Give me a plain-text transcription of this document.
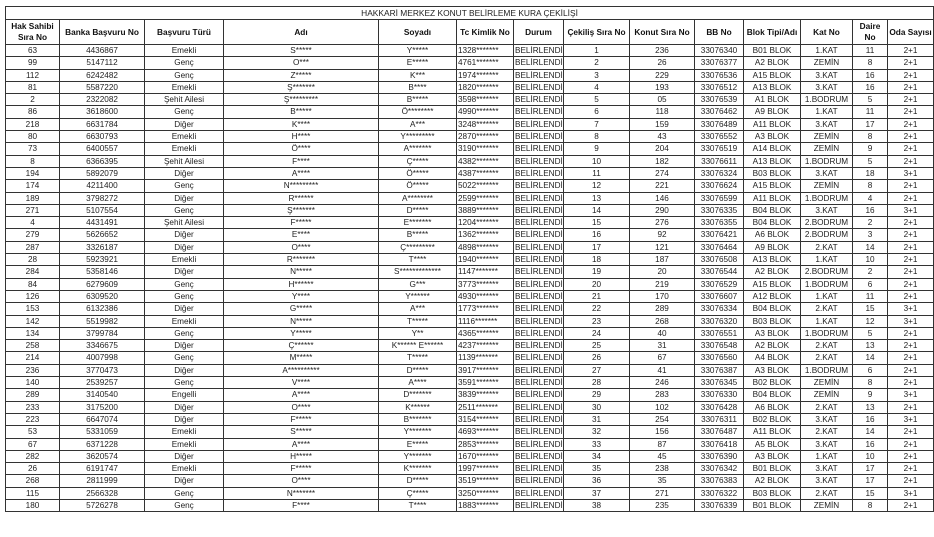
HAKKARİ MERKEZ KONUT BELİRLEME KURA ÇEKİLİŞİ													
Hak Sahibi Sıra No	Banka Başvuru No	Başvuru Türü	Adı	Soyadı	Tc Kimlik No	Durum	Çekiliş Sıra No	Konut Sıra No	BB No	Blok Tipi/Adı	Kat No	Daire No	Oda Sayısı
63	4436867	Emekli	S*****	Y*****	1328*******	BELİRLENDİ	1	236	33076340	B01 BLOK	1.KAT	11	2+1
99	5147112	Genç	O***	E*****	4761*******	BELİRLENDİ	2	26	33076377	A2 BLOK	ZEMİN	8	2+1
112	6242482	Genç	Z*****	K***	1974*******	BELİRLENDİ	3	229	33076536	A15 BLOK	3.KAT	16	2+1
81	5587220	Emekli	Ş*******	B****	1820*******	BELİRLENDİ	4	193	33076512	A13 BLOK	3.KAT	16	2+1
2	2322082	Şehit Ailesi	Ş*********	B*****	3598*******	BELİRLENDİ	5	05	33076539	A1 BLOK	1.BODRUM	5	2+1
86	3618600	Genç	B*****	Ö********	4990*******	BELİRLENDİ	6	118	33076462	A9 BLOK	1.KAT	11	2+1
218	6631784	Diğer	K****	A***	3248*******	BELİRLENDİ	7	159	33076489	A11 BLOK	3.KAT	17	2+1
80	6630793	Emekli	H****	Y*********	2870*******	BELİRLENDİ	8	43	33076552	A3 BLOK	ZEMİN	8	2+1
73	6400557	Emekli	Ö****	A*******	3190*******	BELİRLENDİ	9	204	33076519	A14 BLOK	ZEMİN	9	2+1
8	6366395	Şehit Ailesi	F****	Ç*****	4382*******	BELİRLENDİ	10	182	33076611	A13 BLOK	1.BODRUM	5	2+1
194	5892079	Diğer	A****	Ö*****	4387*******	BELİRLENDİ	11	274	33076324	B03 BLOK	3.KAT	18	3+1
174	4211400	Genç	N*********	Ö*****	5022*******	BELİRLENDİ	12	221	33076624	A15 BLOK	ZEMİN	8	2+1
189	3798272	Diğer	R******	A********	2599*******	BELİRLENDİ	13	146	33076599	A11 BLOK	1.BODRUM	4	2+1
271	5107554	Genç	Ş*******	D*****	3889*******	BELİRLENDİ	14	290	33076335	B04 BLOK	3.KAT	16	3+1
4	4431491	Şehit Ailesi	F*****	E*******	1204*******	BELİRLENDİ	15	276	33076355	B04 BLOK	2.BODRUM	2	2+1
279	5626652	Diğer	E****	B*****	1362*******	BELİRLENDİ	16	92	33076421	A6 BLOK	2.BODRUM	3	2+1
287	3326187	Diğer	O****	Ç*********	4898*******	BELİRLENDİ	17	121	33076464	A9 BLOK	2.KAT	14	2+1
28	5923921	Emekli	R*******	T****	1940*******	BELİRLENDİ	18	187	33076508	A13 BLOK	1.KAT	10	2+1
284	5358146	Diğer	N*****	S*************	1147*******	BELİRLENDİ	19	20	33076544	A2 BLOK	2.BODRUM	2	2+1
84	6279609	Genç	H******	G***	3773*******	BELİRLENDİ	20	219	33076529	A15 BLOK	1.BODRUM	6	2+1
126	6309520	Genç	Y****	Y******	4930*******	BELİRLENDİ	21	170	33076607	A12 BLOK	1.KAT	11	2+1
153	6132386	Diğer	G*****	A***	1773*******	BELİRLENDİ	22	289	33076334	B04 BLOK	2.KAT	15	3+1
142	5519982	Emekli	N*****	T*****	1116*******	BELİRLENDİ	23	268	33076320	B03 BLOK	1.KAT	12	3+1
134	3799784	Genç	Y*****	Y**	4365*******	BELİRLENDİ	24	40	33076551	A3 BLOK	1.BODRUM	5	2+1
258	3346675	Diğer	Ç******	K****** E******	4237*******	BELİRLENDİ	25	31	33076548	A2 BLOK	2.KAT	13	2+1
214	4007998	Genç	M*****	T*****	1139*******	BELİRLENDİ	26	67	33076560	A4 BLOK	2.KAT	14	2+1
236	3770473	Diğer	A**********	D*****	3917*******	BELİRLENDİ	27	41	33076387	A3 BLOK	1.BODRUM	6	2+1
140	2539257	Genç	V****	A****	3591*******	BELİRLENDİ	28	246	33076345	B02 BLOK	ZEMİN	8	2+1
289	3140540	Engelli	A****	D*******	3839*******	BELİRLENDİ	29	283	33076330	B04 BLOK	ZEMİN	9	3+1
233	3175200	Diğer	O****	K******	2511*******	BELİRLENDİ	30	102	33076428	A6 BLOK	2.KAT	13	2+1
223	6647074	Diğer	F*****	B*******	3154*******	BELİRLENDİ	31	254	33076311	B02 BLOK	3.KAT	16	3+1
53	5331059	Emekli	S*****	Y*******	4693*******	BELİRLENDİ	32	156	33076487	A11 BLOK	2.KAT	14	2+1
67	6371228	Emekli	A****	E*****	2853*******	BELİRLENDİ	33	87	33076418	A5 BLOK	3.KAT	16	2+1
282	3620574	Diğer	H*****	Y*******	1670*******	BELİRLENDİ	34	45	33076390	A3 BLOK	1.KAT	10	2+1
26	6191747	Emekli	F*****	K*******	1997*******	BELİRLENDİ	35	238	33076342	B01 BLOK	3.KAT	17	2+1
268	2811999	Diğer	O****	D*****	3519*******	BELİRLENDİ	36	35	33076383	A2 BLOK	3.KAT	17	2+1
115	2566328	Genç	N*******	Ç*****	3250*******	BELİRLENDİ	37	271	33076322	B03 BLOK	2.KAT	15	3+1
180	5726278	Genç	F****	T****	1883*******	BELİRLENDİ	38	235	33076339	B01 BLOK	ZEMİN	8	2+1
